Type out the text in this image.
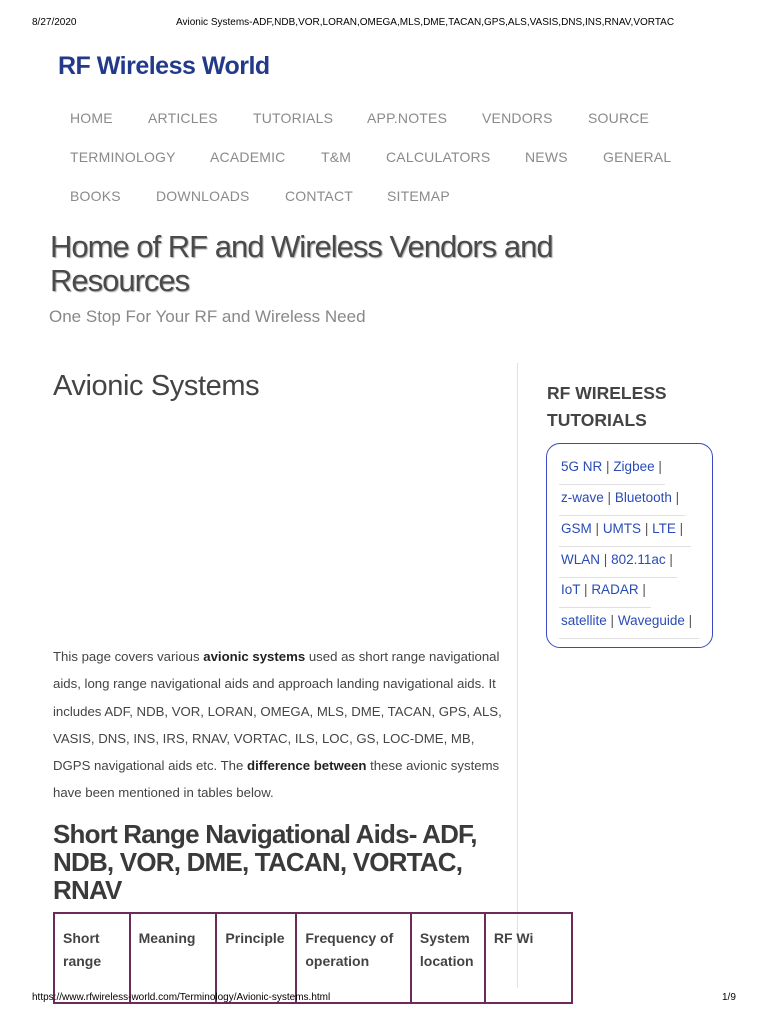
8/27/2020	Avionic Systems-ADF,NDB,VOR,LORAN,OMEGA,MLS,DME,TACAN,GPS,ALS,VASIS,DNS,INS,RNAV,VORTAC
RF Wireless World
HOME	ARTICLES	TUTORIALS APP.NOTES VENDORS	SOURCE
TERMINOLOGY ACADEMIC	T&M CALCULATORS NEWS	GENERAL
BOOKS	DOWNLOADS	CONTACT SITEMAP
Home of RF and Wireless Vendors and Resources
One Stop For Your RF and Wireless Need
Avionic Systems

This page covers various avionic systems used as short range navigational aids, long range navigational aids and approach landing navigational aids. It includes ADF, NDB, VOR, LORAN, OMEGA, MLS, DME, TACAN, GPS, ALS, VASIS, DNS, INS, IRS, RNAV, VORTAC, ILS, LOC, GS, LOC-DME, MB, DGPS navigational aids etc. The difference between these avionic systems have been mentioned in tables below.

Short Range Navigational Aids- ADF, NDB, VOR, DME, TACAN, VORTAC, RNAV
Short range	Meaning	Principle	Frequency of operation	System location	RF Wi
RF WIRELESS TUTORIALS
5G NR | Zigbee |
z-wave | Bluetooth |
GSM | UMTS | LTE |
WLAN | 802.11ac |
IoT | RADAR |
satellite | Waveguide |
https://www.rfwireless-world.com/Terminology/Avionic-systems.html	1/9
